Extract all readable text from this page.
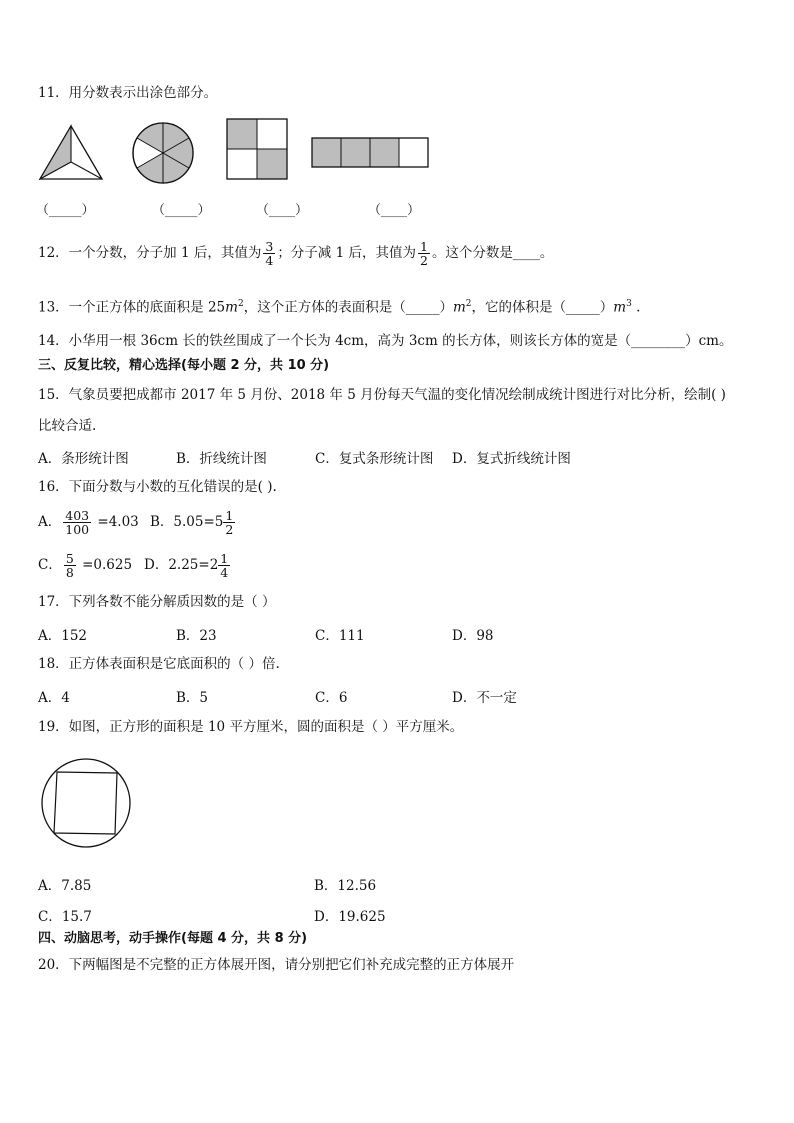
11．用分数表示出涂色部分。
（_____）	（_____）	（____）	（____）
12．一个分数，分子加 1 后，其值为 $\frac{3}{4}$ ；分子减 1 后，其值为 $\frac{1}{2}$ 。这个分数是____。
13．一个正方体的底面积是 $25m^2$，这个正方体的表面积是$(\_\_\_\_\_)m^2$，它的体积是$(\_\_\_\_\_)m^3$ .
14．小华用一根 36cm 长的铁丝围成了一个长为 4cm，高为 3cm 的长方体，则该长方体的宽是（________）cm。
三、反复比较，精心选择(每小题 2 分，共 10 分)
15．气象员要把成都市 2017 年 5 月份、2018 年 5 月份每天气温的变化情况绘制成统计图进行对比分析，绘制( )
比较合适.
A．条形统计图	B．折线统计图	C．复式条形统计图 D．复式折线统计图
16．下面分数与小数的互化错误的是( ).
A． $\frac{403}{100} =4.03$ B．$5.05=5 \frac{1}{2}$
C． $\frac{5}{8} =0.625$ D．$2.25=2 \frac{1}{4}$
17．下列各数不能分解质因数的是（ ）
A．152	B．23	C．111	D．98
18．正方体表面积是它底面积的（ ）倍.
A．4	B．5	C．6	D．不一定
19．如图，正方形的面积是 10 平方厘米，圆的面积是（ ）平方厘米。
A．7.85	B．12.56
C．15.7	D．19.625
四、动脑思考，动手操作(每题 4 分，共 8 分)
20．下两幅图是不完整的正方体展开图，请分别把它们补充成完整的正方体展开
